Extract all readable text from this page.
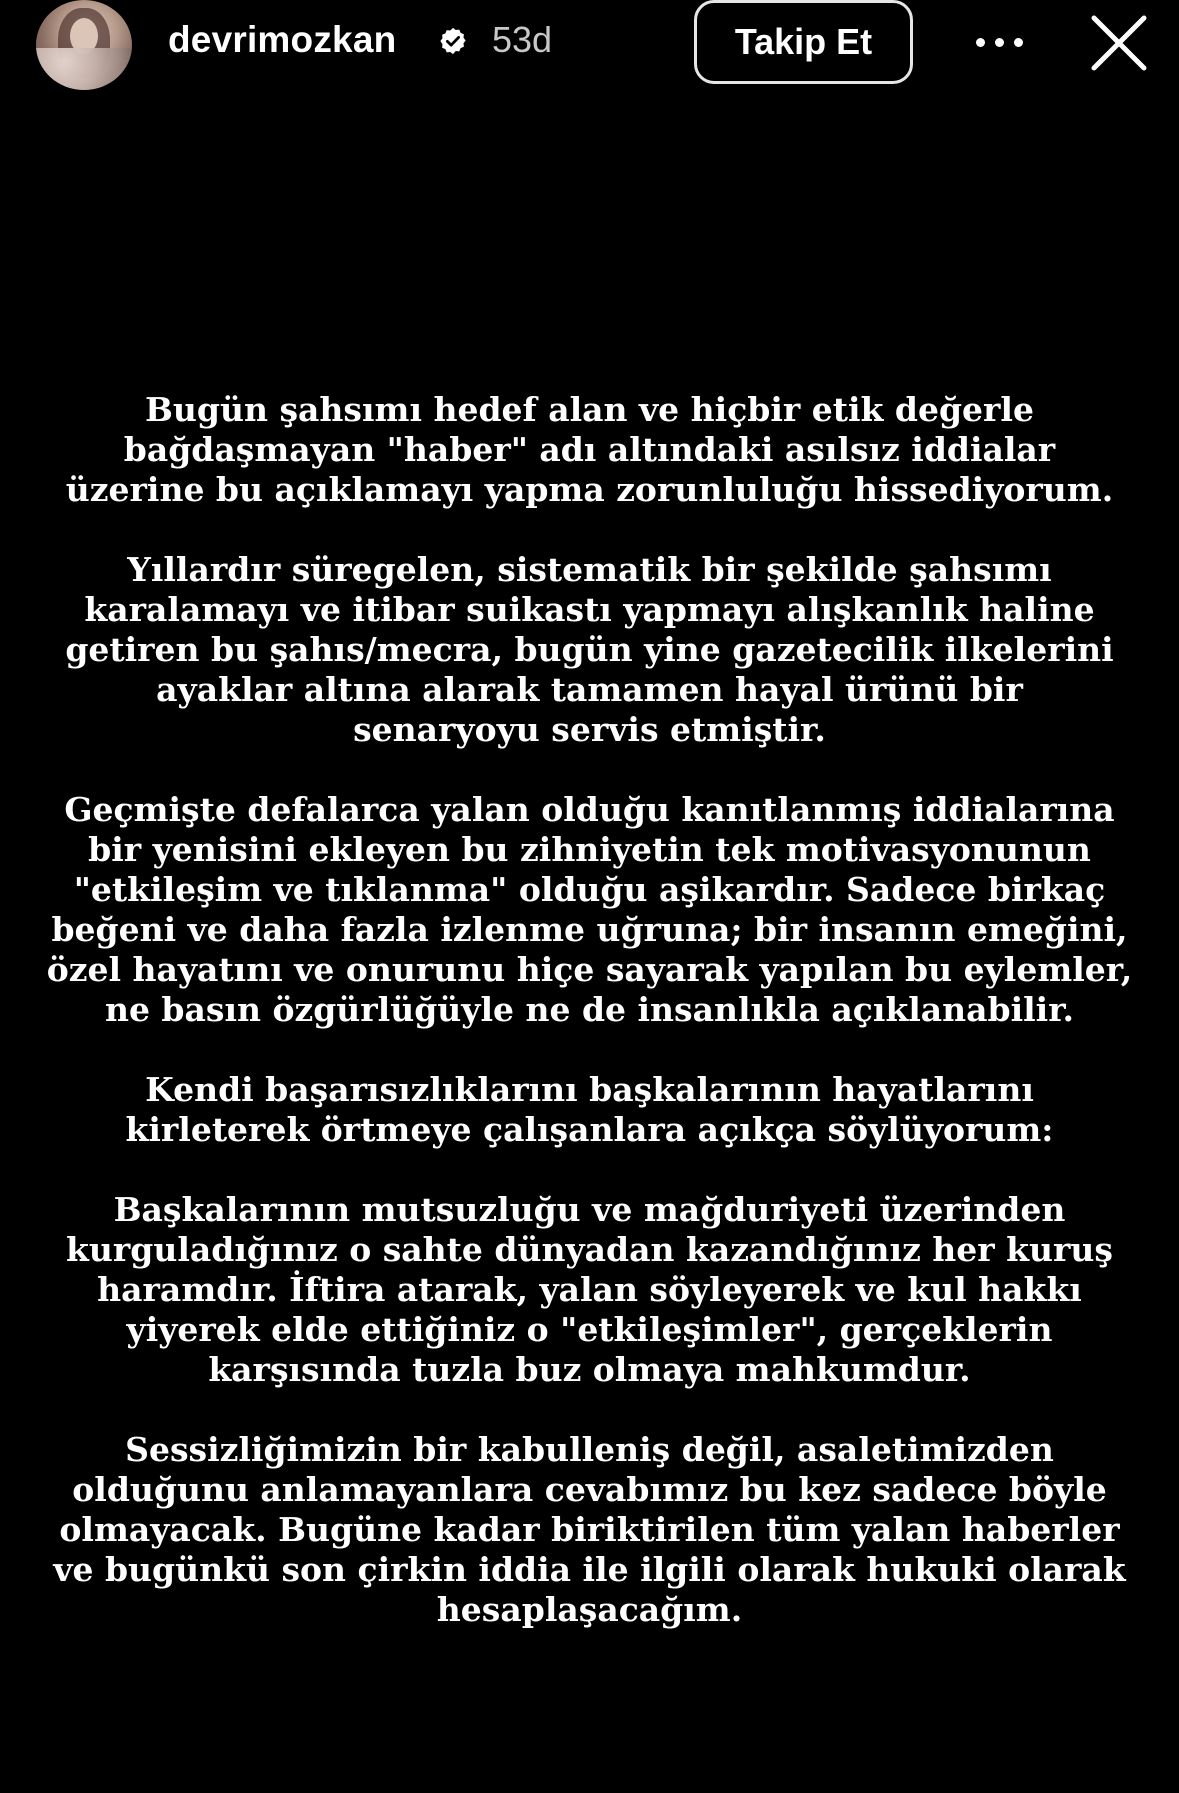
devrimozkan	53d	Takip Et

Bugün şahsımı hedef alan ve hiçbir etik değerle
bağdaşmayan "haber" adı altındaki asılsız iddialar
üzerine bu açıklamayı yapma zorunluluğu hissediyorum.

Yıllardır süregelen, sistematik bir şekilde şahsımı
karalamayı ve itibar suikastı yapmayı alışkanlık haline
getiren bu şahıs/mecra, bugün yine gazetecilik ilkelerini
ayaklar altına alarak tamamen hayal ürünü bir
senaryoyu servis etmiştir.

Geçmişte defalarca yalan olduğu kanıtlanmış iddialarına
bir yenisini ekleyen bu zihniyetin tek motivasyonunun
"etkileşim ve tıklanma" olduğu aşikardır. Sadece birkaç
beğeni ve daha fazla izlenme uğruna; bir insanın emeğini,
özel hayatını ve onurunu hiçe sayarak yapılan bu eylemler,
ne basın özgürlüğüyle ne de insanlıkla açıklanabilir.

Kendi başarısızlıklarını başkalarının hayatlarını
kirleterek örtmeye çalışanlara açıkça söylüyorum:

Başkalarının mutsuzluğu ve mağduriyeti üzerinden
kurguladığınız o sahte dünyadan kazandığınız her kuruş
haramdır. İftira atarak, yalan söyleyerek ve kul hakkı
yiyerek elde ettiğiniz o "etkileşimler", gerçeklerin
karşısında tuzla buz olmaya mahkumdur.

Sessizliğimizin bir kabulleniş değil, asaletimizden
olduğunu anlamayanlara cevabımız bu kez sadece böyle
olmayacak. Bugüne kadar biriktirilen tüm yalan haberler
ve bugünkü son çirkin iddia ile ilgili olarak hukuki olarak
hesaplaşacağım.
